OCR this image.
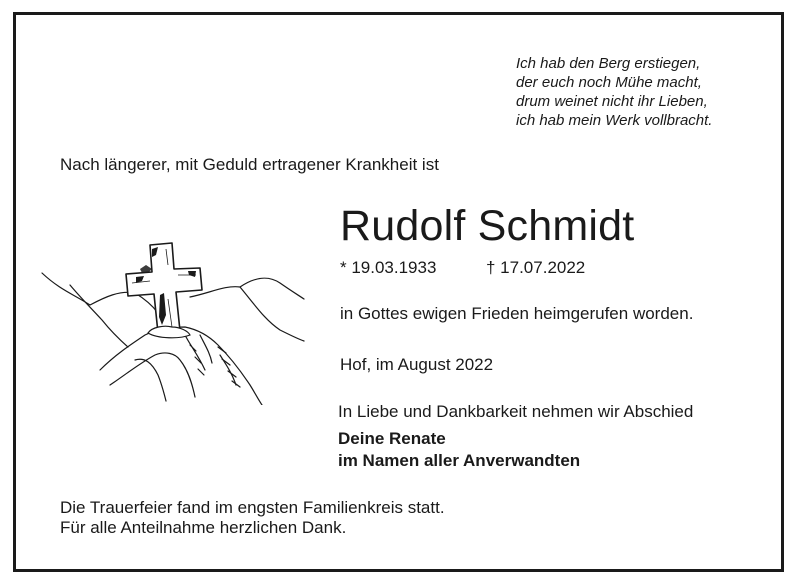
Ich hab den Berg erstiegen,
der euch noch Mühe macht,
drum weinet nicht ihr Lieben,
ich hab mein Werk vollbracht.
Nach längerer, mit Geduld ertragener Krankheit ist
Rudolf Schmidt
* 19.03.1933	† 17.07.2022
in Gottes ewigen Frieden heimgerufen worden.
Hof, im August 2022
In Liebe und Dankbarkeit nehmen wir Abschied
Deine Renate
im Namen aller Anverwandten
Die Trauerfeier fand im engsten Familienkreis statt.
Für alle Anteilnahme herzlichen Dank.
